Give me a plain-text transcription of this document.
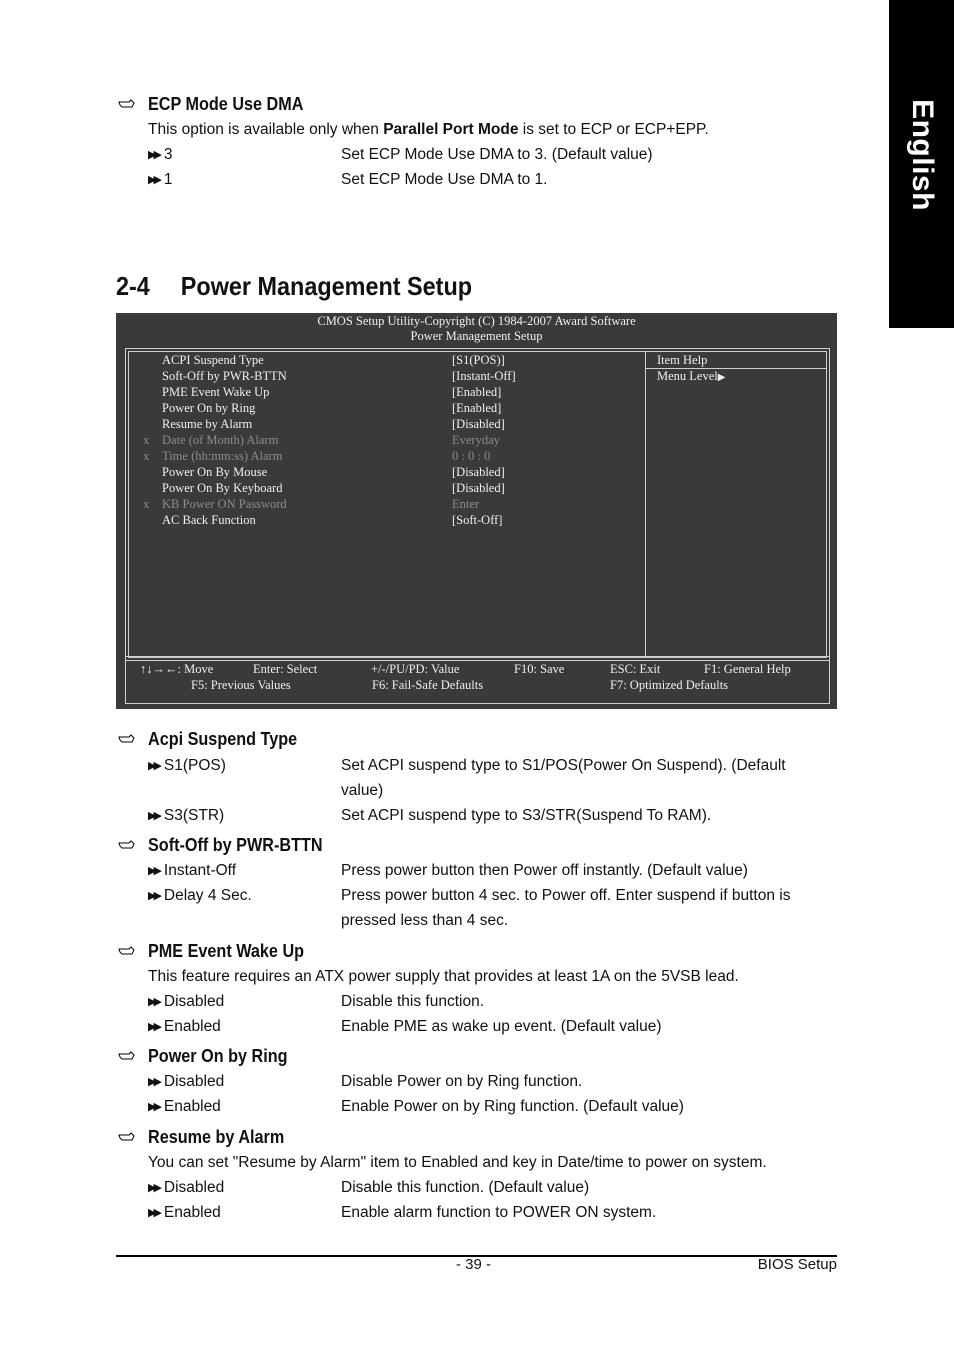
English
ECP Mode Use DMA
This option is available only when Parallel Port Mode is set to ECP or ECP+EPP.
▶▶ 3	Set ECP Mode Use DMA to 3. (Default value)
▶▶ 1	Set ECP Mode Use DMA to 1.
2-4 Power Management Setup
CMOS Setup Utility-Copyright (C) 1984-2007 Award Software
Power Management Setup
ACPI Suspend Type	[S1(POS)]
Soft-Off by PWR-BTTN	[Instant-Off]
PME Event Wake Up	[Enabled]
Power On by Ring	[Enabled]
Resume by Alarm	[Disabled]
x Date (of Month) Alarm	Everyday
x Time (hh:mm:ss) Alarm	0 : 0 : 0
Power On By Mouse	[Disabled]
Power On By Keyboard	[Disabled]
x KB Power ON Password	Enter
AC Back Function	[Soft-Off]
Item Help
Menu Level▶
↑↓→←: Move	Enter: Select	+/-/PU/PD: Value	F10: Save	ESC: Exit	F1: General Help
F5: Previous Values	F6: Fail-Safe Defaults	F7: Optimized Defaults
Acpi Suspend Type
▶▶ S1(POS)	Set ACPI suspend type to S1/POS(Power On Suspend). (Default
value)
▶▶ S3(STR)	Set ACPI suspend type to S3/STR(Suspend To RAM).
Soft-Off by PWR-BTTN
▶▶ Instant-Off	Press power button then Power off instantly. (Default value)
▶▶ Delay 4 Sec.	Press power button 4 sec. to Power off. Enter suspend if button is
pressed less than 4 sec.
PME Event Wake Up
This feature requires an ATX power supply that provides at least 1A on the 5VSB lead.
▶▶ Disabled	Disable this function.
▶▶ Enabled	Enable PME as wake up event. (Default value)
Power On by Ring
▶▶ Disabled	Disable Power on by Ring function.
▶▶ Enabled	Enable Power on by Ring function. (Default value)
Resume by Alarm
You can set "Resume by Alarm" item to Enabled and key in Date/time to power on system.
▶▶ Disabled	Disable this function. (Default value)
▶▶ Enabled	Enable alarm function to POWER ON system.
- 39 -	BIOS Setup
